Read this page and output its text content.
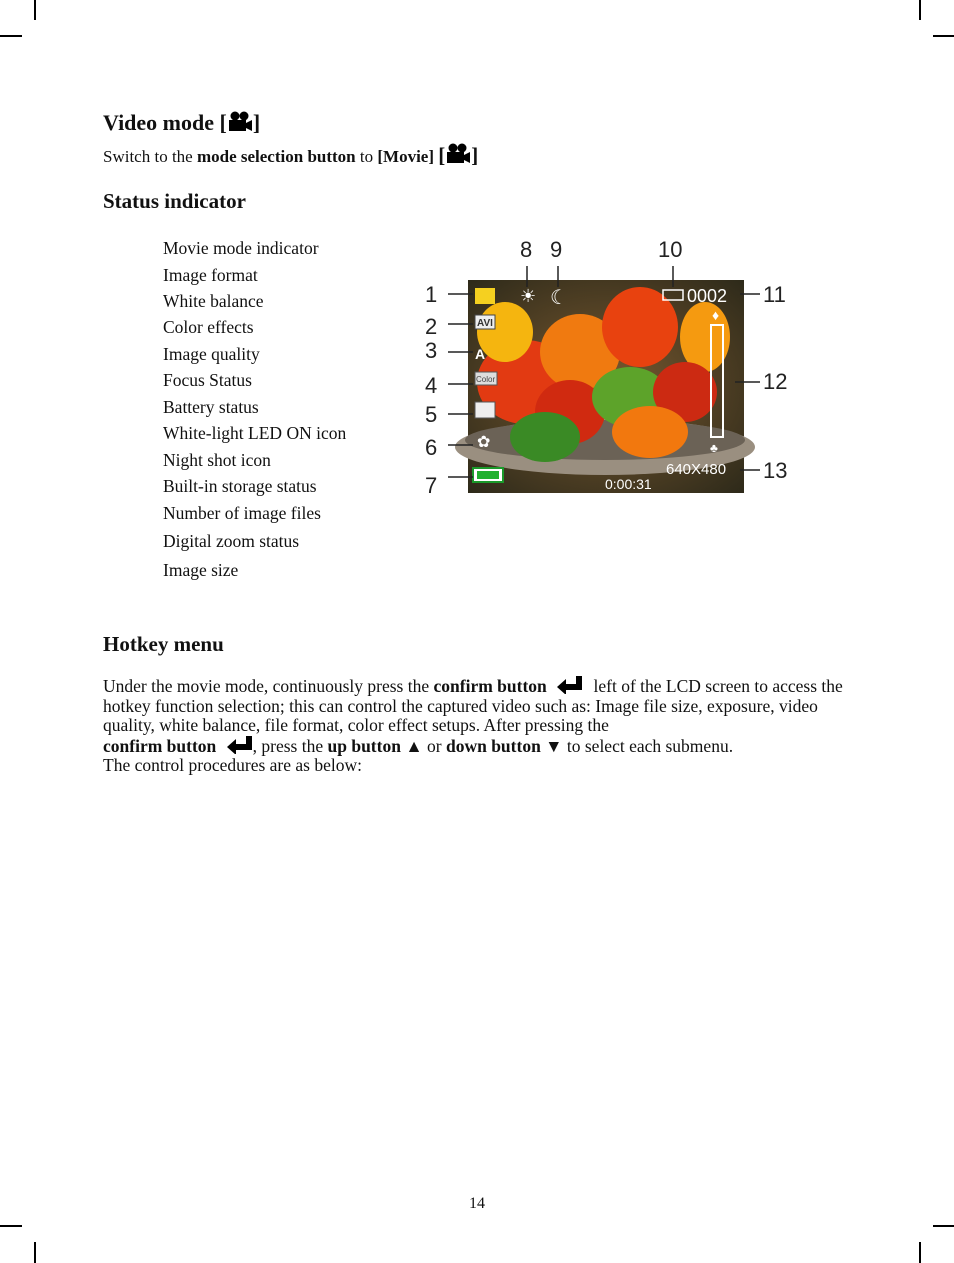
Video mode [ ]
Switch to the mode selection button to [Movie] [ ]
Status indicator
Movie mode indicator
Image format
White balance
Color effects
Image quality
Focus Status
Battery status
White-light LED ON icon
Night shot icon
Built-in storage status
Number of image files
Digital zoom status
Image size
AVI
A
Color
✿
☀ ☾	0002
♦
♣
640X480
0:00:31
1
2
3
4
5
6
7
8 9	10
11
12
13
Hotkey menu
Under the movie mode, continuously press the confirm button	left of the LCD screen to access the hotkey function selection; this can control the captured video such as: Image file size, exposure, video quality, white balance, file format, color effect setups. After pressing the
confirm button , press the up button ▲ or down button ▼ to select each submenu.
The control procedures are as below:
14
